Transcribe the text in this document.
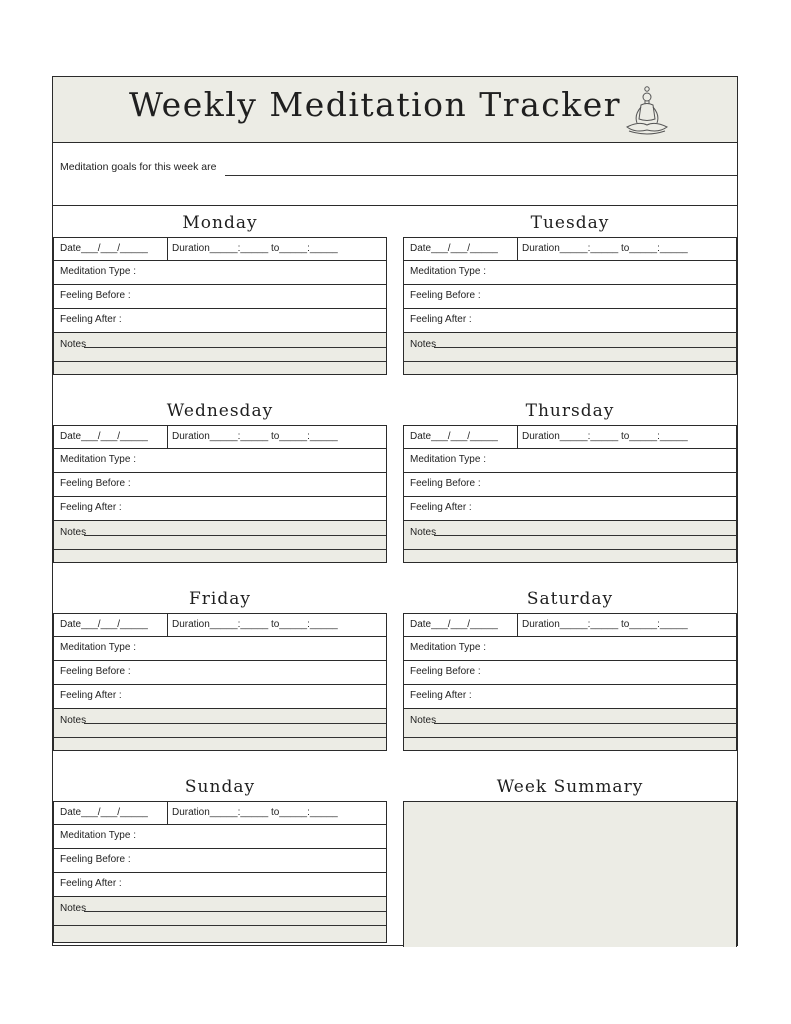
Weekly Meditation Tracker
Meditation goals for this week are
Monday
Date___/___/_____	Duration_____:_____ to_____:_____
Meditation Type :
Feeling Before :
Feeling After :
Notes
Tuesday
Date___/___/_____	Duration_____:_____ to_____:_____
Meditation Type :
Feeling Before :
Feeling After :
Notes
Wednesday
Date___/___/_____	Duration_____:_____ to_____:_____
Meditation Type :
Feeling Before :
Feeling After :
Notes
Thursday
Date___/___/_____	Duration_____:_____ to_____:_____
Meditation Type :
Feeling Before :
Feeling After :
Notes
Friday
Date___/___/_____	Duration_____:_____ to_____:_____
Meditation Type :
Feeling Before :
Feeling After :
Notes
Saturday
Date___/___/_____	Duration_____:_____ to_____:_____
Meditation Type :
Feeling Before :
Feeling After :
Notes
Sunday
Date___/___/_____	Duration_____:_____ to_____:_____
Meditation Type :
Feeling Before :
Feeling After :
Notes
Week Summary
